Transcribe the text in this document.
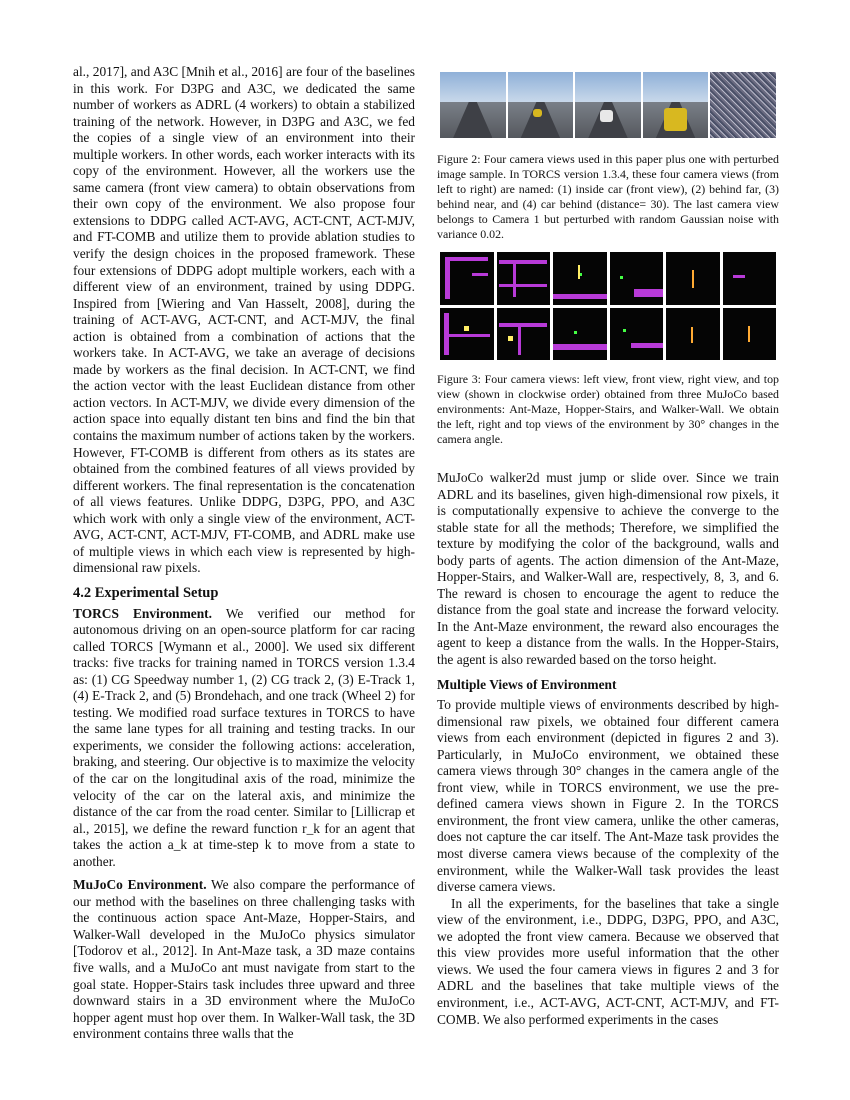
al., 2017], and A3C [Mnih et al., 2016] are four of the baselines in this work. For D3PG and A3C, we dedicated the same number of workers as ADRL (4 workers) to obtain a stabilized training of the network. However, in D3PG and A3C, we fed the copies of a single view of an environment into their multiple workers. In other words, each worker interacts with its copy of the environment. However, all the workers use the same camera (front view camera) to obtain observations from their own copy of the environment. We also propose four extensions to DDPG called ACT-AVG, ACT-CNT, ACT-MJV, and FT-COMB and utilize them to provide ablation studies to verify the design choices in the proposed framework. These four extensions of DDPG adopt multiple workers, each with a different view of an environment, trained by using DDPG. Inspired from [Wiering and Van Hasselt, 2008], during the training of ACT-AVG, ACT-CNT, and ACT-MJV, the final action is obtained from a combination of actions that the workers take. In ACT-AVG, we take an average of decisions made by workers as the final decision. In ACT-CNT, we find the action vector with the least Euclidean distance from other action vectors. In ACT-MJV, we divide every dimension of the action space into equally distant ten bins and find the bin that contains the maximum number of actions taken by the workers. However, FT-COMB is different from others as its states are obtained from the combined features of all views provided by different workers. The final representation is the concatenation of all views features. Unlike DDPG, D3PG, PPO, and A3C which work with only a single view of the environment, ACT-AVG, ACT-CNT, ACT-MJV, FT-COMB, and ADRL make use of multiple views in which each view is represented by high-dimensional raw pixels.

4.2 Experimental Setup

TORCS Environment. We verified our method for autonomous driving on an open-source platform for car racing called TORCS [Wymann et al., 2000]. We used six different tracks: five tracks for training named in TORCS version 1.3.4 as: (1) CG Speedway number 1, (2) CG track 2, (3) E-Track 1, (4) E-Track 2, and (5) Brondehach, and one track (Wheel 2) for testing. We modified road surface textures in TORCS to have the same lane types for all training and testing tracks. In our experiments, we consider the following actions: acceleration, braking, and steering. Our objective is to maximize the velocity of the car on the longitudinal axis of the road, minimize the velocity of the car on the lateral axis, and minimize the distance of the car from the road center. Similar to [Lillicrap et al., 2015], we define the reward function r_k for an agent that takes the action a_k at time-step k to move from a state to another.

MuJoCo Environment. We also compare the performance of our method with the baselines on three challenging tasks with the continuous action space Ant-Maze, Hopper-Stairs, and Walker-Wall developed in the MuJoCo physics simulator [Todorov et al., 2012]. In Ant-Maze task, a 3D maze contains five walls, and a MuJoCo ant must navigate from start to the goal state. Hopper-Stairs task includes three upward and three downward stairs in a 3D environment where the MuJoCo hopper agent must hop over them. In Walker-Wall task, the 3D environment contains three walls that the

Figure 2: Four camera views used in this paper plus one with perturbed image sample. In TORCS version 1.3.4, these four camera views (from left to right) are named: (1) inside car (front view), (2) behind far, (3) behind near, and (4) car behind (distance= 30). The last camera view belongs to Camera 1 but perturbed with random Gaussian noise with variance 0.02.
Figure 3: Four camera views: left view, front view, right view, and top view (shown in clockwise order) obtained from three MuJoCo based environments: Ant-Maze, Hopper-Stairs, and Walker-Wall. We obtain the left, right and top views of the environment by 30° changes in the camera angle.

MuJoCo walker2d must jump or slide over. Since we train ADRL and its baselines, given high-dimensional row pixels, it is computationally expensive to achieve the converge to the stable state for all the methods; Therefore, we simplified the texture by modifying the color of the background, walls and body parts of agents. The action dimension of the Ant-Maze, Hopper-Stairs, and Walker-Wall are, respectively, 8, 3, and 6. The reward is chosen to encourage the agent to reduce the distance from the goal state and increase the forward velocity. In the Ant-Maze environment, the reward also encourages the agent to keep a distance from the walls. In the Hopper-Stairs, the agent is also rewarded based on the torso height.

Multiple Views of Environment

To provide multiple views of environments described by high-dimensional raw pixels, we obtained four different camera views from each environment (depicted in figures 2 and 3). Particularly, in MuJoCo environment, we obtained these camera views through 30° changes in the camera angle of the front view, while in TORCS environment, we use the pre-defined camera views shown in Figure 2. In the TORCS environment, the front view camera, unlike the other cameras, does not capture the car itself. The Ant-Maze task provides the most diverse camera views because of the complexity of the environment, while the Walker-Wall task provides the least diverse camera views.

In all the experiments, for the baselines that take a single view of the environment, i.e., DDPG, D3PG, PPO, and A3C, we adopted the front view camera. Because we observed that this view provides more useful information that the other views. We used the four camera views in figures 2 and 3 for ADRL and the baselines that take multiple views of the environment, i.e., ACT-AVG, ACT-CNT, ACT-MJV, and FT-COMB. We also performed experiments in the cases
